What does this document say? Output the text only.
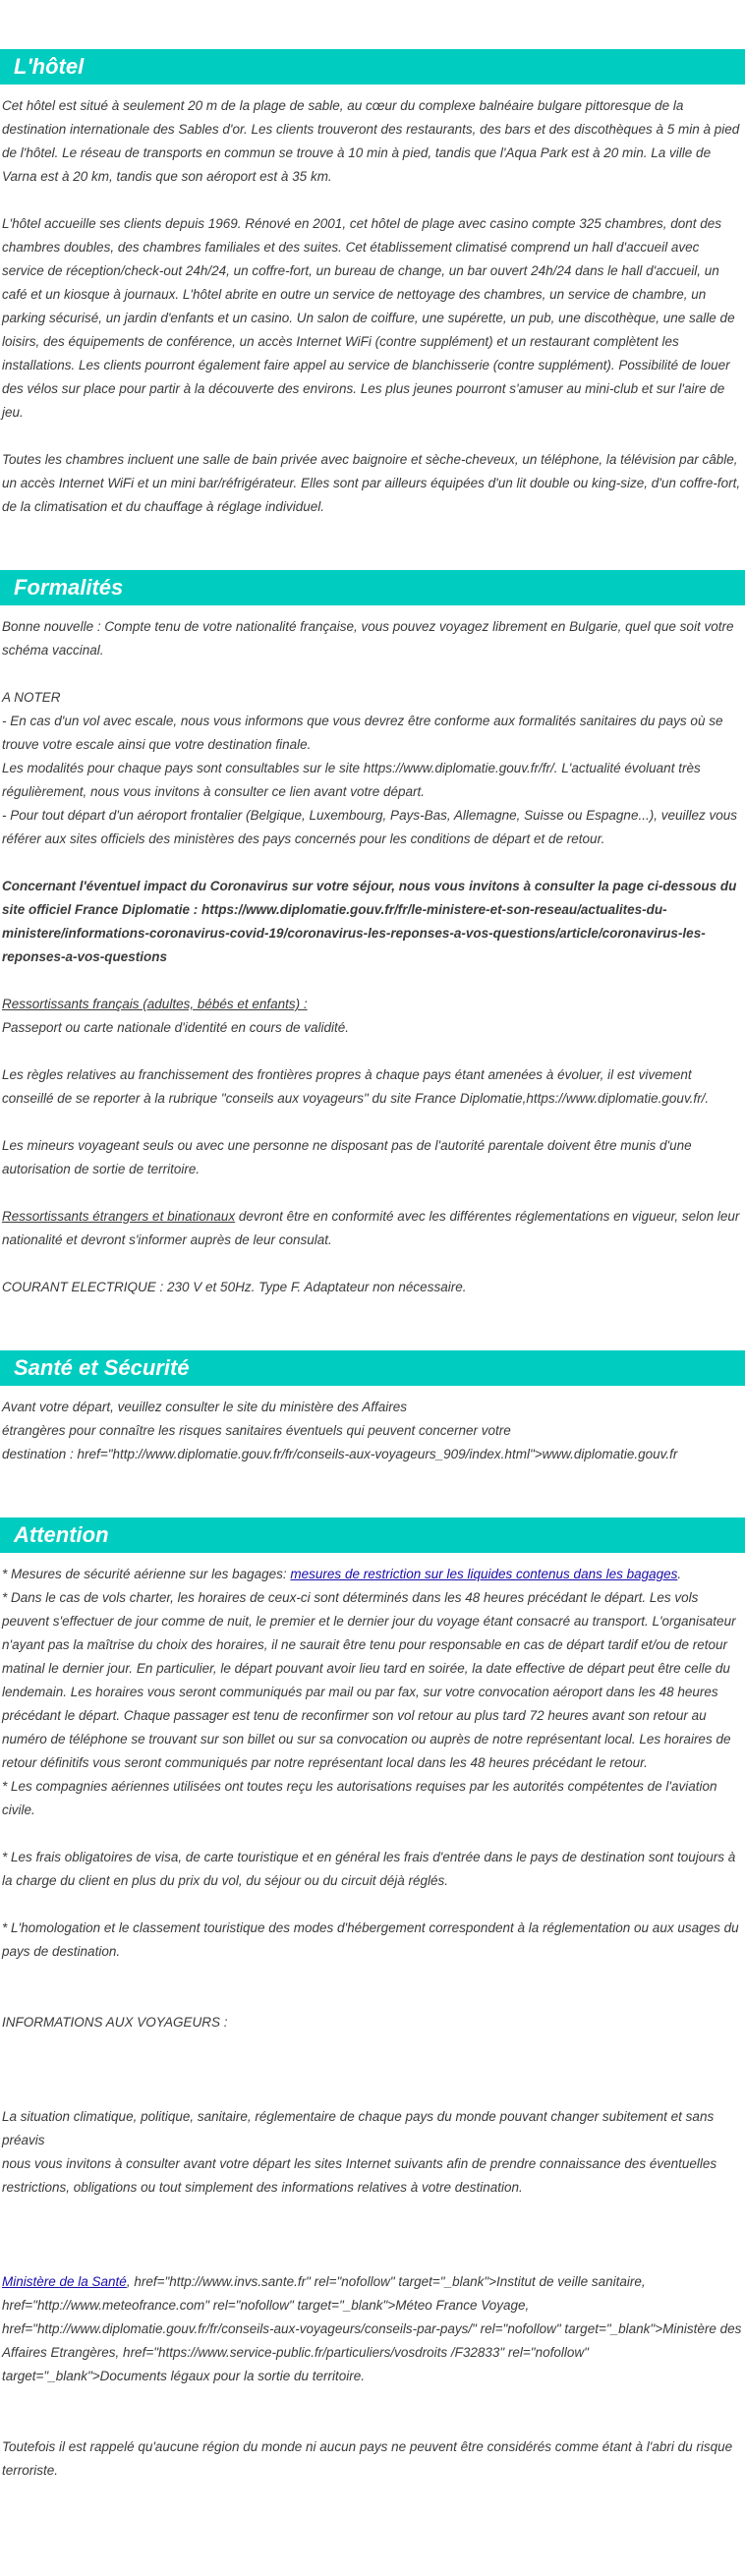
L'hôtel

Cet hôtel est situé à seulement 20 m de la plage de sable, au cœur du complexe balnéaire bulgare pittoresque de la destination internationale des Sables d'or. Les clients trouveront des restaurants, des bars et des discothèques à 5 min à pied de l'hôtel. Le réseau de transports en commun se trouve à 10 min à pied, tandis que l'Aqua Park est à 20 min. La ville de Varna est à 20 km, tandis que son aéroport est à 35 km.

L'hôtel accueille ses clients depuis 1969. Rénové en 2001, cet hôtel de plage avec casino compte 325 chambres, dont des chambres doubles, des chambres familiales et des suites. Cet établissement climatisé comprend un hall d'accueil avec service de réception/check-out 24h/24, un coffre-fort, un bureau de change, un bar ouvert 24h/24 dans le hall d'accueil, un café et un kiosque à journaux. L'hôtel abrite en outre un service de nettoyage des chambres, un service de chambre, un parking sécurisé, un jardin d'enfants et un casino. Un salon de coiffure, une supérette, un pub, une discothèque, une salle de loisirs, des équipements de conférence, un accès Internet WiFi (contre supplément) et un restaurant complètent les installations. Les clients pourront également faire appel au service de blanchisserie (contre supplément). Possibilité de louer des vélos sur place pour partir à la découverte des environs. Les plus jeunes pourront s'amuser au mini-club et sur l'aire de jeu.

Toutes les chambres incluent une salle de bain privée avec baignoire et sèche-cheveux, un téléphone, la télévision par câble, un accès Internet WiFi et un mini bar/réfrigérateur. Elles sont par ailleurs équipées d'un lit double ou king-size, d'un coffre-fort, de la climatisation et du chauffage à réglage individuel.

Formalités

Bonne nouvelle : Compte tenu de votre nationalité française, vous pouvez voyagez librement en Bulgarie, quel que soit votre schéma vaccinal.

A NOTER

- En cas d'un vol avec escale, nous vous informons que vous devrez être conforme aux formalités sanitaires du pays où se trouve votre escale ainsi que votre destination finale.

Les modalités pour chaque pays sont consultables sur le site https://www.diplomatie.gouv.fr/fr/. L'actualité évoluant très régulièrement, nous vous invitons à consulter ce lien avant votre départ.

- Pour tout départ d'un aéroport frontalier (Belgique, Luxembourg, Pays-Bas, Allemagne, Suisse ou Espagne...), veuillez vous référer aux sites officiels des ministères des pays concernés pour les conditions de départ et de retour.

Concernant l'éventuel impact du Coronavirus sur votre séjour, nous vous invitons à consulter la page ci-dessous du site officiel France Diplomatie : https://www.diplomatie.gouv.fr/fr/le-ministere-et-son-reseau/actualites-du-ministere/informations-coronavirus-covid-19/coronavirus-les-reponses-a-vos-questions/article/coronavirus-les-reponses-a-vos-questions

Ressortissants français (adultes, bébés et enfants) :

Passeport ou carte nationale d'identité en cours de validité.

Les règles relatives au franchissement des frontières propres à chaque pays étant amenées à évoluer, il est vivement conseillé de se reporter à la rubrique "conseils aux voyageurs" du site France Diplomatie,https://www.diplomatie.gouv.fr/.

Les mineurs voyageant seuls ou avec une personne ne disposant pas de l'autorité parentale doivent être munis d'une autorisation de sortie de territoire.

Ressortissants étrangers et binationaux devront être en conformité avec les différentes réglementations en vigueur, selon leur nationalité et devront s'informer auprès de leur consulat.

COURANT ELECTRIQUE : 230 V et 50Hz. Type F. Adaptateur non nécessaire.

Santé et Sécurité

Avant votre départ, veuillez consulter le site du ministère des Affaires

étrangères pour connaître les risques sanitaires éventuels qui peuvent concerner votre

destination : href="http://www.diplomatie.gouv.fr/fr/conseils-aux-voyageurs_909/index.html">www.diplomatie.gouv.fr

Attention

* Mesures de sécurité aérienne sur les bagages: mesures de restriction sur les liquides contenus dans les bagages.

* Dans le cas de vols charter, les horaires de ceux-ci sont déterminés dans les 48 heures précédant le départ. Les vols peuvent s'effectuer de jour comme de nuit, le premier et le dernier jour du voyage étant consacré au transport. L'organisateur n'ayant pas la maîtrise du choix des horaires, il ne saurait être tenu pour responsable en cas de départ tardif et/ou de retour matinal le dernier jour. En particulier, le départ pouvant avoir lieu tard en soirée, la date effective de départ peut être celle du lendemain. Les horaires vous seront communiqués par mail ou par fax, sur votre convocation aéroport dans les 48 heures précédant le départ. Chaque passager est tenu de reconfirmer son vol retour au plus tard 72 heures avant son retour au numéro de téléphone se trouvant sur son billet ou sur sa convocation ou auprès de notre représentant local. Les horaires de retour définitifs vous seront communiqués par notre représentant local dans les 48 heures précédant le retour.

* Les compagnies aériennes utilisées ont toutes reçu les autorisations requises par les autorités compétentes de l'aviation civile.

* Les frais obligatoires de visa, de carte touristique et en général les frais d'entrée dans le pays de destination sont toujours à la charge du client en plus du prix du vol, du séjour ou du circuit déjà réglés.

* L'homologation et le classement touristique des modes d'hébergement correspondent à la réglementation ou aux usages du pays de destination.

INFORMATIONS AUX VOYAGEURS :

La situation climatique, politique, sanitaire, réglementaire de chaque pays du monde pouvant changer subitement et sans préavis

nous vous invitons à consulter avant votre départ les sites Internet suivants afin de prendre connaissance des éventuelles restrictions, obligations ou tout simplement des informations relatives à votre destination.

Ministère de la Santé, href="http://www.invs.sante.fr" rel="nofollow" target="_blank">Institut de veille sanitaire, href="http://www.meteofrance.com" rel="nofollow" target="_blank">Méteo France Voyage, href="http://www.diplomatie.gouv.fr/fr/conseils-aux-voyageurs/conseils-par-pays/" rel="nofollow" target="_blank">Ministère des Affaires Etrangères, href="https://www.service-public.fr/particuliers/vosdroits /F32833" rel="nofollow" target="_blank">Documents légaux pour la sortie du territoire.

Toutefois il est rappelé qu'aucune région du monde ni aucun pays ne peuvent être considérés comme étant à l'abri du risque terroriste.
